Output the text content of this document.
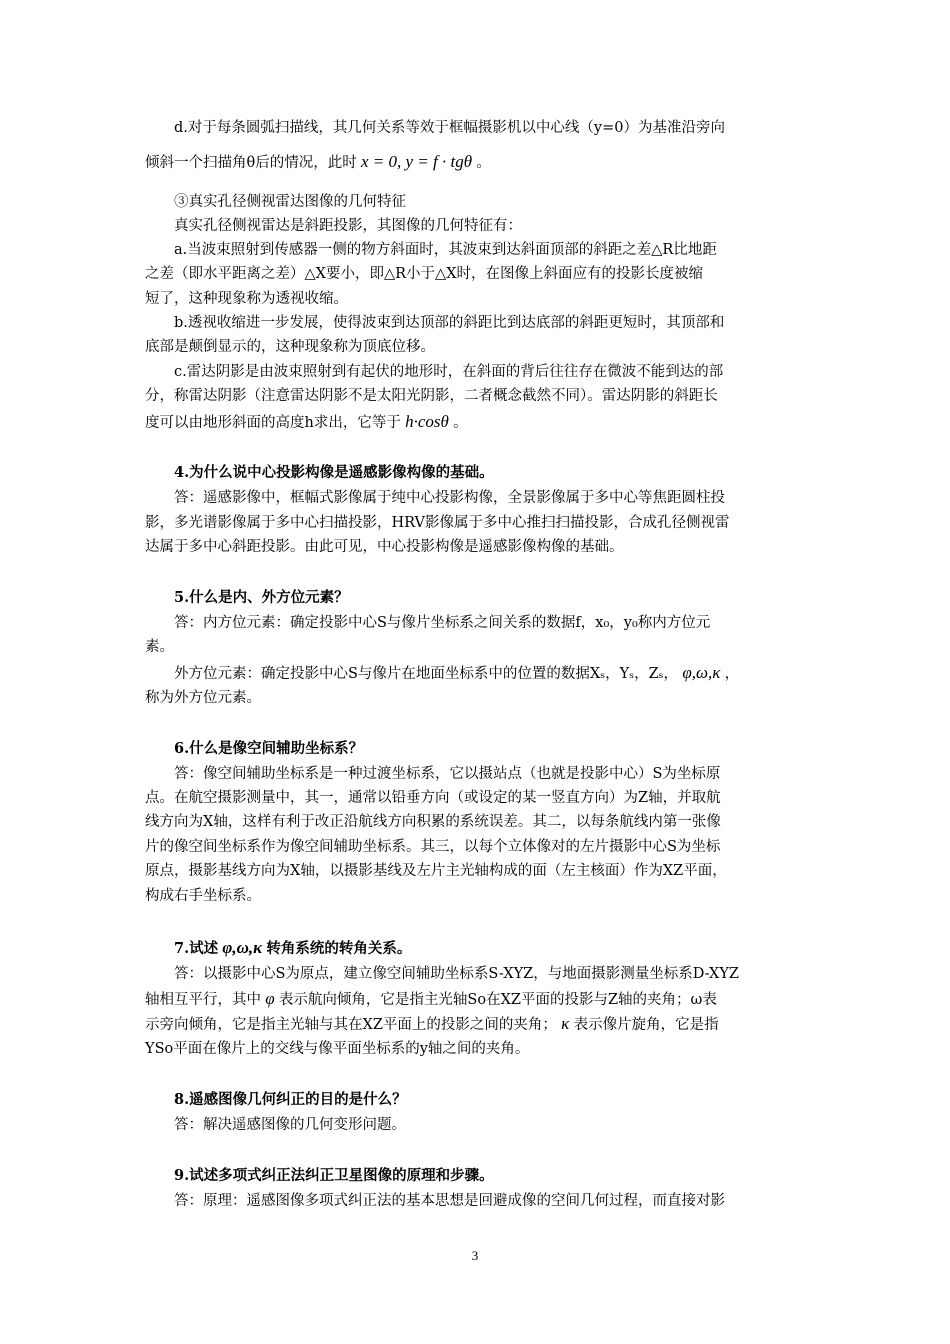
d.对于每条圆弧扫描线，其几何关系等效于框幅摄影机以中心线（y=0）为基准沿旁向
倾斜一个扫描角θ后的情况，此时 x = 0, y = f · tgθ 。
③真实孔径侧视雷达图像的几何特征
真实孔径侧视雷达是斜距投影，其图像的几何特征有：
a.当波束照射到传感器一侧的物方斜面时，其波束到达斜面顶部的斜距之差△R比地距
之差（即水平距离之差）△X要小，即△R小于△X时，在图像上斜面应有的投影长度被缩
短了，这种现象称为透视收缩。
b.透视收缩进一步发展，使得波束到达顶部的斜距比到达底部的斜距更短时，其顶部和
底部是颠倒显示的，这种现象称为顶底位移。
c.雷达阴影是由波束照射到有起伏的地形时，在斜面的背后往往存在微波不能到达的部
分，称雷达阴影（注意雷达阴影不是太阳光阴影，二者概念截然不同）。雷达阴影的斜距长
度可以由地形斜面的高度h求出，它等于 h·cosθ 。
4.为什么说中心投影构像是遥感影像构像的基础。
答：遥感影像中，框幅式影像属于纯中心投影构像，全景影像属于多中心等焦距圆柱投
影，多光谱影像属于多中心扫描投影，HRV影像属于多中心推扫扫描投影，合成孔径侧视雷
达属于多中心斜距投影。由此可见，中心投影构像是遥感影像构像的基础。
5.什么是内、外方位元素？
答：内方位元素：确定投影中心S与像片坐标系之间关系的数据f，x₀，y₀称内方位元
素。
外方位元素：确定投影中心S与像片在地面坐标系中的位置的数据Xₛ，Yₛ，Zₛ， φ,ω,κ ，
称为外方位元素。
6.什么是像空间辅助坐标系？
答：像空间辅助坐标系是一种过渡坐标系，它以摄站点（也就是投影中心）S为坐标原
点。在航空摄影测量中，其一，通常以铅垂方向（或设定的某一竖直方向）为Z轴，并取航
线方向为X轴，这样有利于改正沿航线方向积累的系统误差。其二，以每条航线内第一张像
片的像空间坐标系作为像空间辅助坐标系。其三，以每个立体像对的左片摄影中心S为坐标
原点，摄影基线方向为X轴，以摄影基线及左片主光轴构成的面（左主核面）作为XZ平面，
构成右手坐标系。
7.试述 φ,ω,κ 转角系统的转角关系。
答：以摄影中心S为原点，建立像空间辅助坐标系S-XYZ，与地面摄影测量坐标系D-XYZ
轴相互平行，其中 φ 表示航向倾角，它是指主光轴So在XZ平面的投影与Z轴的夹角；ω表
示旁向倾角，它是指主光轴与其在XZ平面上的投影之间的夹角； κ 表示像片旋角，它是指
YSo平面在像片上的交线与像平面坐标系的y轴之间的夹角。
8.遥感图像几何纠正的目的是什么？
答：解决遥感图像的几何变形问题。
9.试述多项式纠正法纠正卫星图像的原理和步骤。
答：原理：遥感图像多项式纠正法的基本思想是回避成像的空间几何过程，而直接对影
3
